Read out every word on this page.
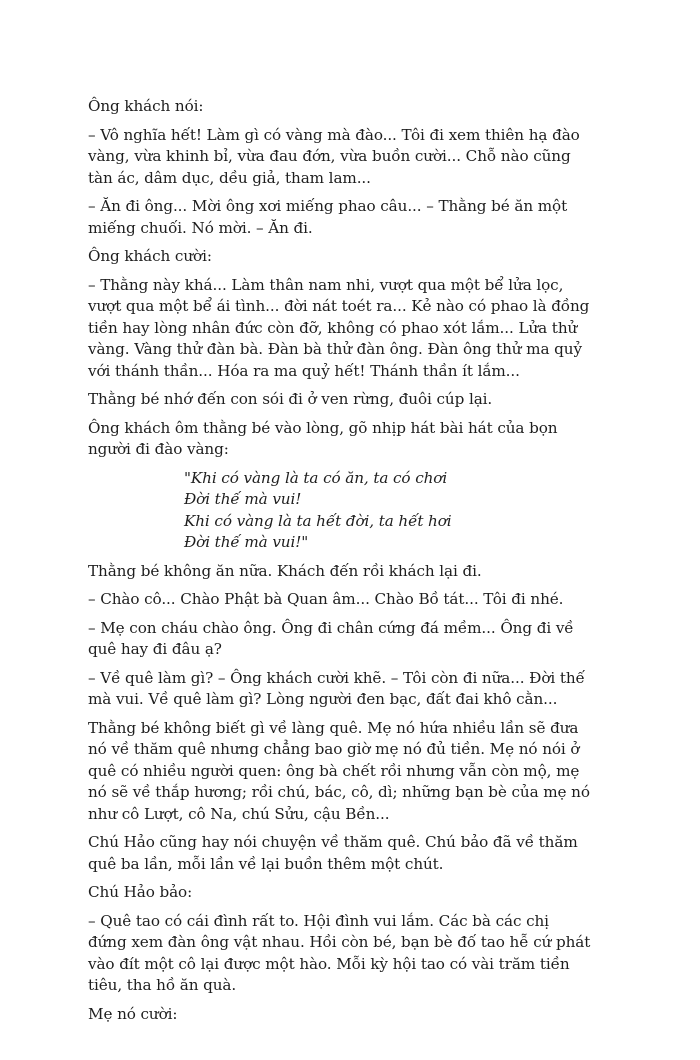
Ông khách nói:

– Vô nghĩa hết! Làm gì có vàng mà đào... Tôi đi xem thiên hạ đào vàng, vừa khinh bỉ, vừa đau đớn, vừa buồn cười... Chỗ nào cũng tàn ác, dâm dục, dều giả, tham lam...

– Ăn đi ông... Mời ông xơi miếng phao câu... – Thằng bé ăn một miếng chuối. Nó mời. – Ăn đi.

Ông khách cười:

– Thằng này khá... Làm thân nam nhi, vượt qua một bể lửa lọc, vượt qua một bể ái tình... đời nát toét ra... Kẻ nào có phao là đồng tiền hay lòng nhân đức còn đỡ, không có phao xót lắm... Lửa thử vàng. Vàng thử đàn bà. Đàn bà thử đàn ông. Đàn ông thử ma quỷ với thánh thần... Hóa ra ma quỷ hết! Thánh thần ít lắm...

Thằng bé nhớ đến con sói đi ở ven rừng, đuôi cúp lại.

Ông khách ôm thằng bé vào lòng, gõ nhịp hát bài hát của bọn người đi đào vàng:

"Khi có vàng là ta có ăn, ta có chơi
Đời thế mà vui!
Khi có vàng là ta hết đời, ta hết hơi
Đời thế mà vui!"

Thằng bé không ăn nữa. Khách đến rồi khách lại đi.

– Chào cô... Chào Phật bà Quan âm... Chào Bồ tát... Tôi đi nhé.

– Mẹ con cháu chào ông. Ông đi chân cứng đá mềm... Ông đi về quê hay đi đâu ạ?

– Về quê làm gì? – Ông khách cười khẽ. – Tôi còn đi nữa... Đời thế mà vui. Về quê làm gì? Lòng người đen bạc, đất đai khô cằn...

Thằng bé không biết gì về làng quê. Mẹ nó hứa nhiều lần sẽ đưa nó về thăm quê nhưng chẳng bao giờ mẹ nó đủ tiền. Mẹ nó nói ở quê có nhiều người quen: ông bà chết rồi nhưng vẫn còn mộ, mẹ nó sẽ về thắp hương; rồi chú, bác, cô, dì; những bạn bè của mẹ nó như cô Lượt, cô Na, chú Sửu, cậu Bền...

Chú Hảo cũng hay nói chuyện về thăm quê. Chú bảo đã về thăm quê ba lần, mỗi lần về lại buồn thêm một chút.

Chú Hảo bảo:

– Quê tao có cái đình rất to. Hội đình vui lắm. Các bà các chị đứng xem đàn ông vật nhau. Hồi còn bé, bạn bè đố tao hễ cứ phát vào đít một cô lại được một hào. Mỗi kỳ hội tao có vài trăm tiền tiêu, tha hồ ăn quà.

Mẹ nó cười:
